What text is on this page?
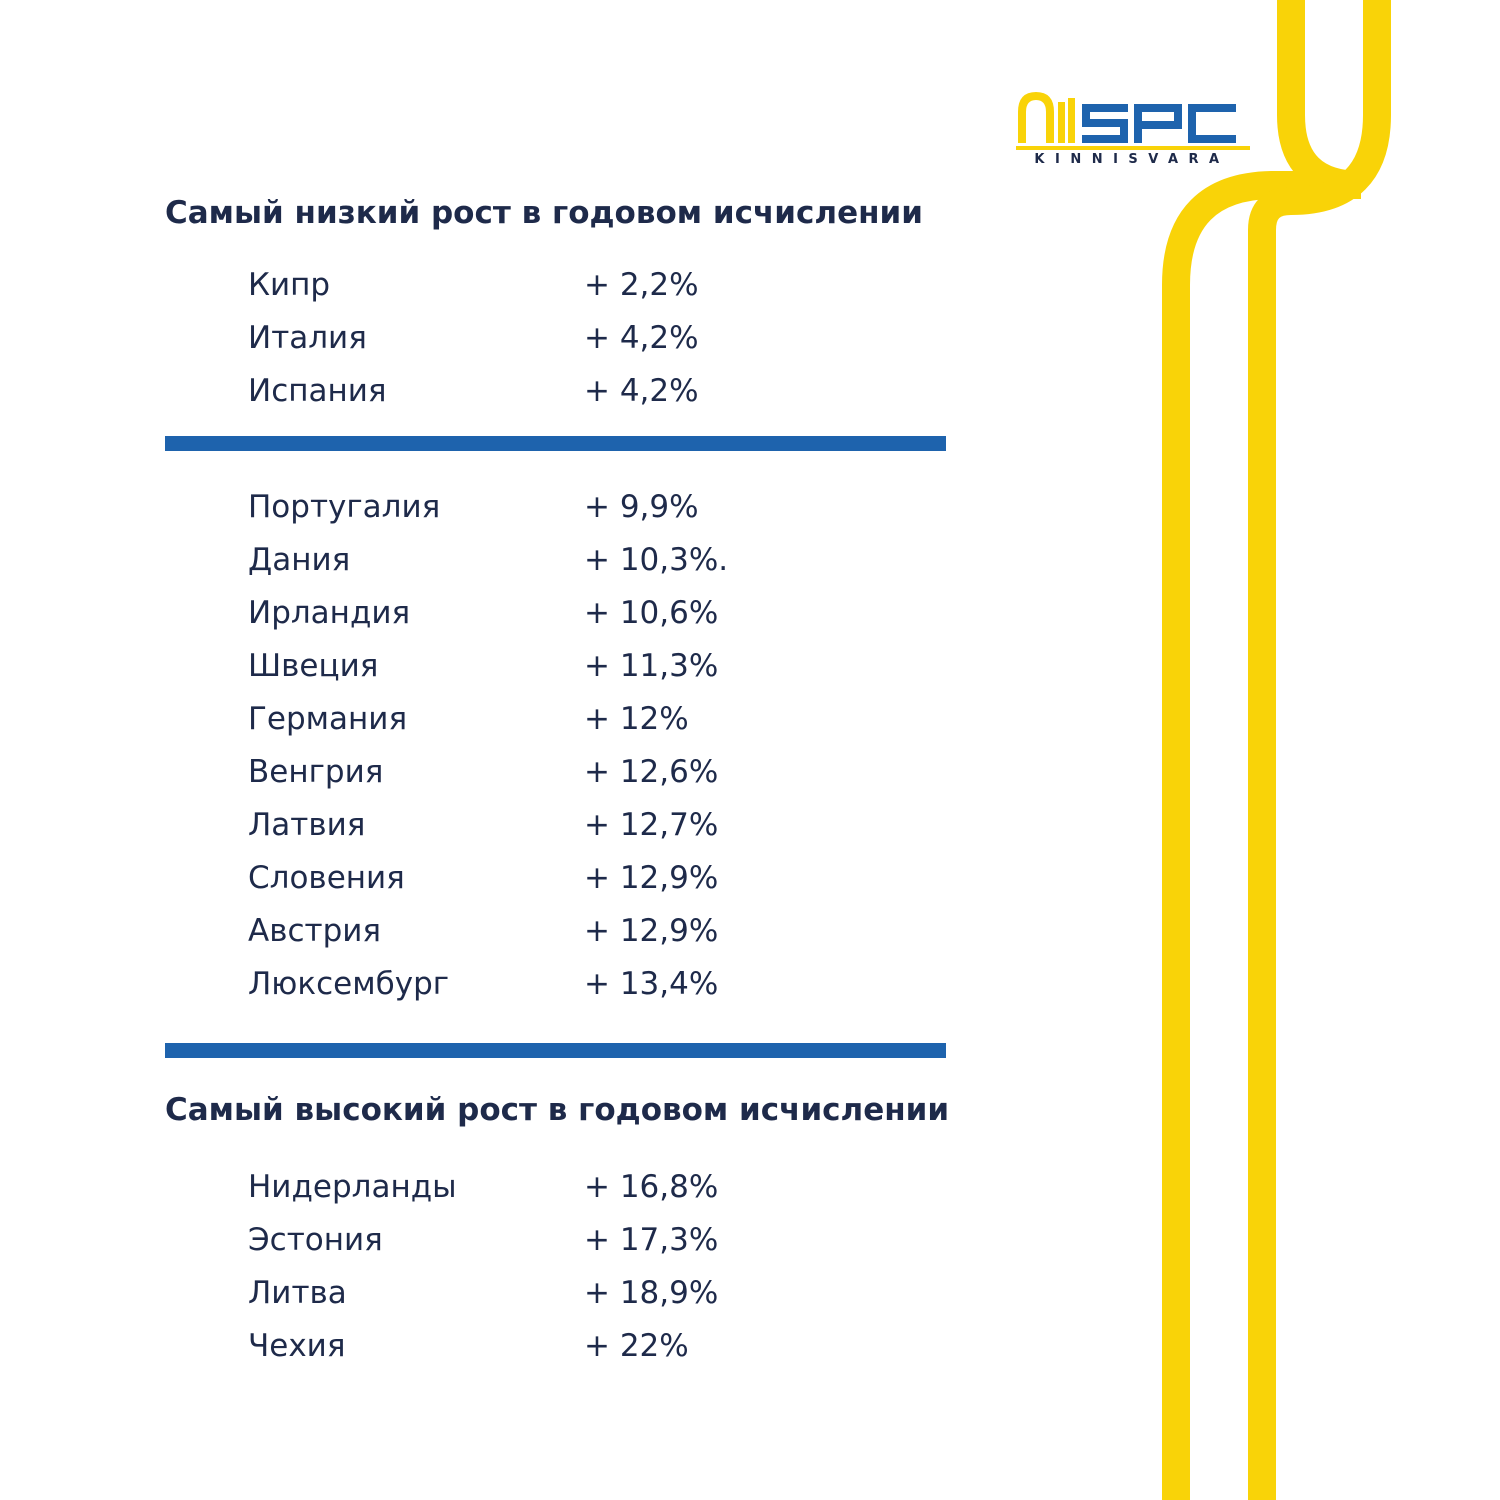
KINNISVARA
Самый низкий рост в годовом исчислении
Кипр	+ 2,2%
Италия	+ 4,2%
Испания	+ 4,2%
Португалия	+ 9,9%
Дания	+ 10,3%.
Ирландия	+ 10,6%
Швеция	+ 11,3%
Германия	+ 12%
Венгрия	+ 12,6%
Латвия	+ 12,7%
Словения	+ 12,9%
Австрия	+ 12,9%
Люксембург	+ 13,4%
Самый высокий рост в годовом исчислении
Нидерланды	+ 16,8%
Эстония	+ 17,3%
Литва	+ 18,9%
Чехия	+ 22%
